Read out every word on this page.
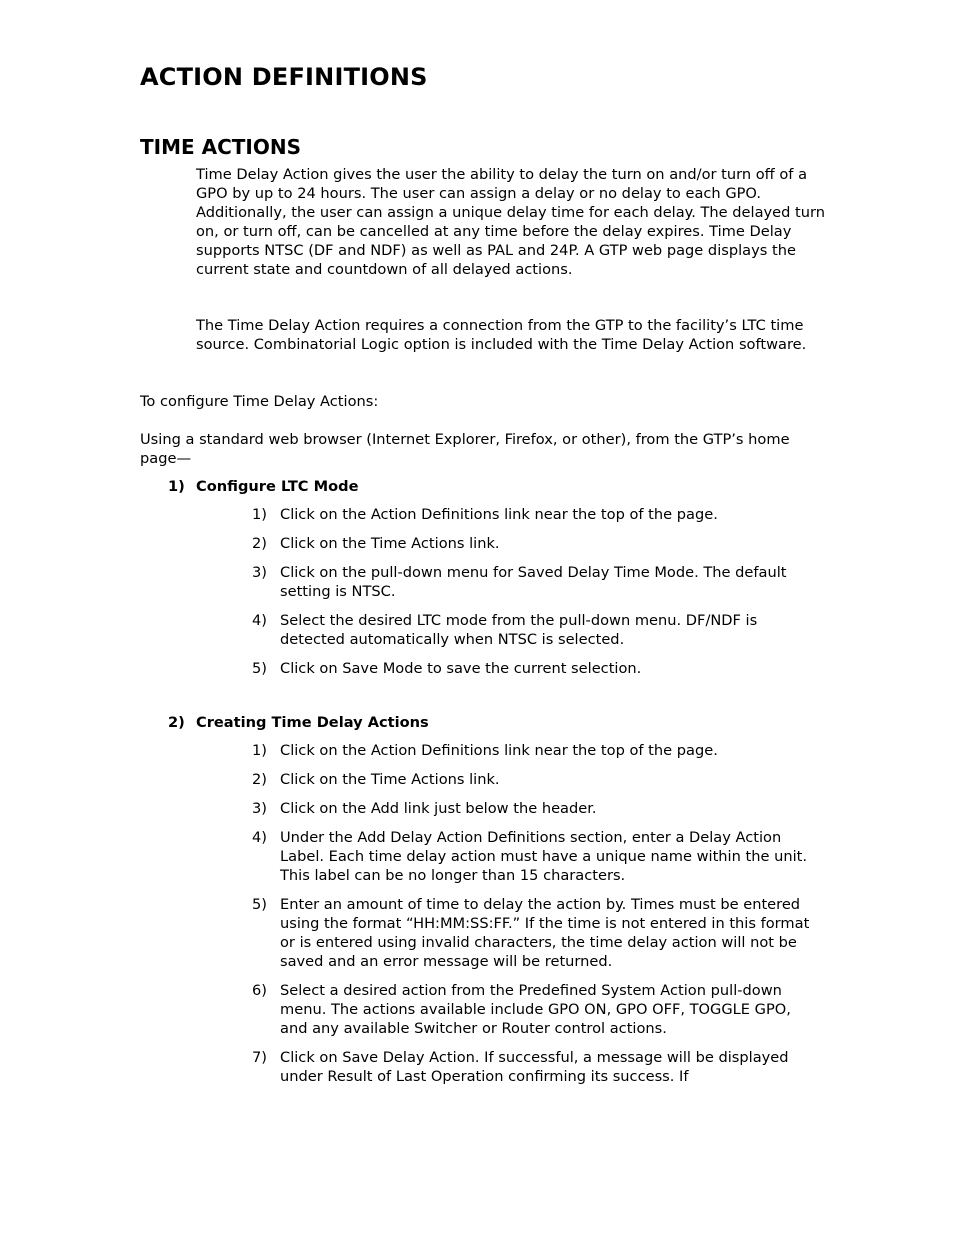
ACTION DEFINITIONS
TIME ACTIONS

Time Delay Action gives the user the ability to delay the turn on and/or turn off of a GPO by up to 24 hours. The user can assign a delay or no delay to each GPO. Additionally, the user can assign a unique delay time for each delay. The delayed turn on, or turn off, can be cancelled at any time before the delay expires. Time Delay supports NTSC (DF and NDF) as well as PAL and 24P. A GTP web page displays the current state and countdown of all delayed actions.

The Time Delay Action requires a connection from the GTP to the facility’s LTC time source. Combinatorial Logic option is included with the Time Delay Action software.

To configure Time Delay Actions:

Using a standard web browser (Internet Explorer, Firefox, or other), from the GTP’s home page—

1) Configure LTC Mode
1) Click on the Action Definitions link near the top of the page.
2) Click on the Time Actions link.
3) Click on the pull-down menu for Saved Delay Time Mode. The default setting is NTSC.
4) Select the desired LTC mode from the pull-down menu. DF/NDF is detected automatically when NTSC is selected.
5) Click on Save Mode to save the current selection.
2) Creating Time Delay Actions
1) Click on the Action Definitions link near the top of the page.
2) Click on the Time Actions link.
3) Click on the Add link just below the header.
4) Under the Add Delay Action Definitions section, enter a Delay Action Label. Each time delay action must have a unique name within the unit. This label can be no longer than 15 characters.
5) Enter an amount of time to delay the action by. Times must be entered using the format “HH:MM:SS:FF.” If the time is not entered in this format or is entered using invalid characters, the time delay action will not be saved and an error message will be returned.
6) Select a desired action from the Predefined System Action pull-down menu. The actions available include GPO ON, GPO OFF, TOGGLE GPO, and any available Switcher or Router control actions.
7) Click on Save Delay Action. If successful, a message will be displayed under Result of Last Operation confirming its success. If
